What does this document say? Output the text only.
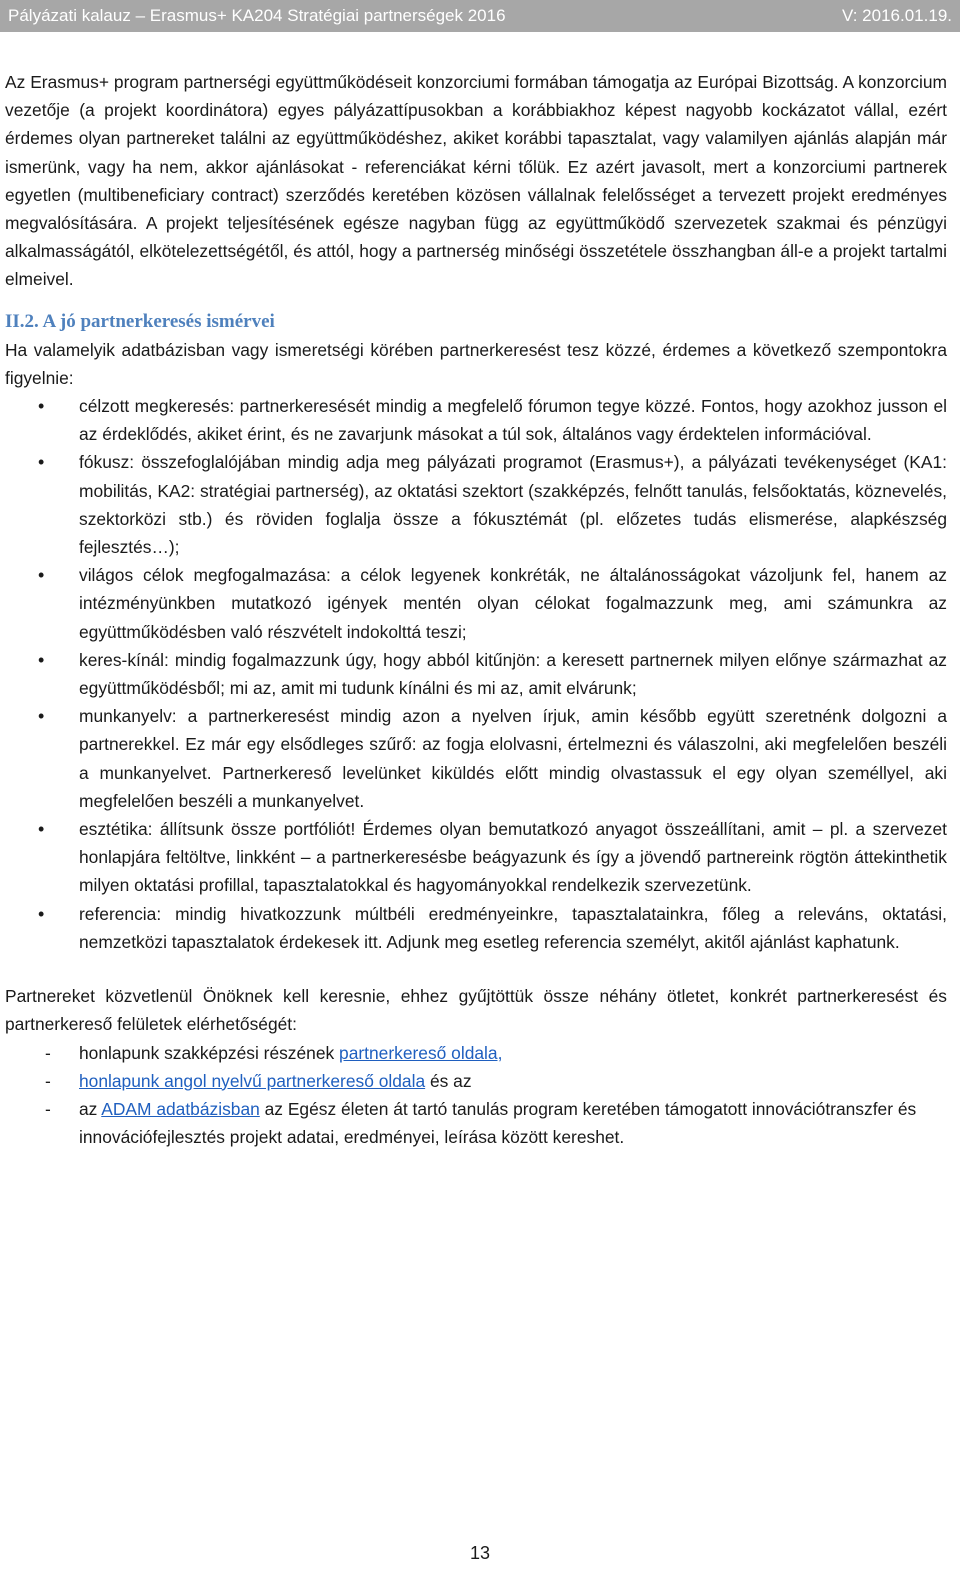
Pályázati kalauz – Erasmus+ KA204 Stratégiai partnerségek 2016	V: 2016.01.19.

Az Erasmus+ program partnerségi együttműködéseit konzorciumi formában támogatja az Európai Bizottság. A konzorcium vezetője (a projekt koordinátora) egyes pályázattípusokban a korábbiakhoz képest nagyobb kockázatot vállal, ezért érdemes olyan partnereket találni az együttműködéshez, akiket korábbi tapasztalat, vagy valamilyen ajánlás alapján már ismerünk, vagy ha nem, akkor ajánlásokat - referenciákat kérni tőlük. Ez azért javasolt, mert a konzorciumi partnerek egyetlen (multibeneficiary contract) szerződés keretében közösen vállalnak felelősséget a tervezett projekt eredményes megvalósítására. A projekt teljesítésének egésze nagyban függ az együttműködő szervezetek szakmai és pénzügyi alkalmasságától, elkötelezettségétől, és attól, hogy a partnerség minőségi összetétele összhangban áll-e a projekt tartalmi elmeivel.

II.2. A jó partnerkeresés ismérvei

Ha valamelyik adatbázisban vagy ismeretségi körében partnerkeresést tesz közzé, érdemes a következő szempontokra figyelnie:

• célzott megkeresés: partnerkeresését mindig a megfelelő fórumon tegye közzé. Fontos, hogy azokhoz jusson el az érdeklődés, akiket érint, és ne zavarjunk másokat a túl sok, általános vagy érdektelen információval.
• fókusz: összefoglalójában mindig adja meg pályázati programot (Erasmus+), a pályázati tevékenységet (KA1: mobilitás, KA2: stratégiai partnerség), az oktatási szektort (szakképzés, felnőtt tanulás, felsőoktatás, köznevelés, szektorközi stb.) és röviden foglalja össze a fókusztémát (pl. előzetes tudás elismerése, alapkészség fejlesztés…);
• világos célok megfogalmazása: a célok legyenek konkréták, ne általánosságokat vázoljunk fel, hanem az intézményünkben mutatkozó igények mentén olyan célokat fogalmazzunk meg, ami számunkra az együttműködésben való részvételt indokolttá teszi;
• keres-kínál: mindig fogalmazzunk úgy, hogy abból kitűnjön: a keresett partnernek milyen előnye származhat az együttműködésből; mi az, amit mi tudunk kínálni és mi az, amit elvárunk;
• munkanyelv: a partnerkeresést mindig azon a nyelven írjuk, amin később együtt szeretnénk dolgozni a partnerekkel. Ez már egy elsődleges szűrő: az fogja elolvasni, értelmezni és válaszolni, aki megfelelően beszéli a munkanyelvet. Partnerkereső levelünket kiküldés előtt mindig olvastassuk el egy olyan személlyel, aki megfelelően beszéli a munkanyelvet.
• esztétika: állítsunk össze portfóliót! Érdemes olyan bemutatkozó anyagot összeállítani, amit – pl. a szervezet honlapjára feltöltve, linkként – a partnerkeresésbe beágyazunk és így a jövendő partnereink rögtön áttekinthetik milyen oktatási profillal, tapasztalatokkal és hagyományokkal rendelkezik szervezetünk.
• referencia: mindig hivatkozzunk múltbéli eredményeinkre, tapasztalatainkra, főleg a releváns, oktatási, nemzetközi tapasztalatok érdekesek itt. Adjunk meg esetleg referencia személyt, akitől ajánlást kaphatunk.

Partnereket közvetlenül Önöknek kell keresnie, ehhez gyűjtöttük össze néhány ötletet, konkrét partnerkeresést és partnerkereső felületek elérhetőségét:

- honlapunk szakképzési részének partnerkereső oldala,
- honlapunk angol nyelvű partnerkereső oldala és az
- az ADAM adatbázisban az Egész életen át tartó tanulás program keretében támogatott innovációtranszfer és innovációfejlesztés projekt adatai, eredményei, leírása között kereshet.
13
